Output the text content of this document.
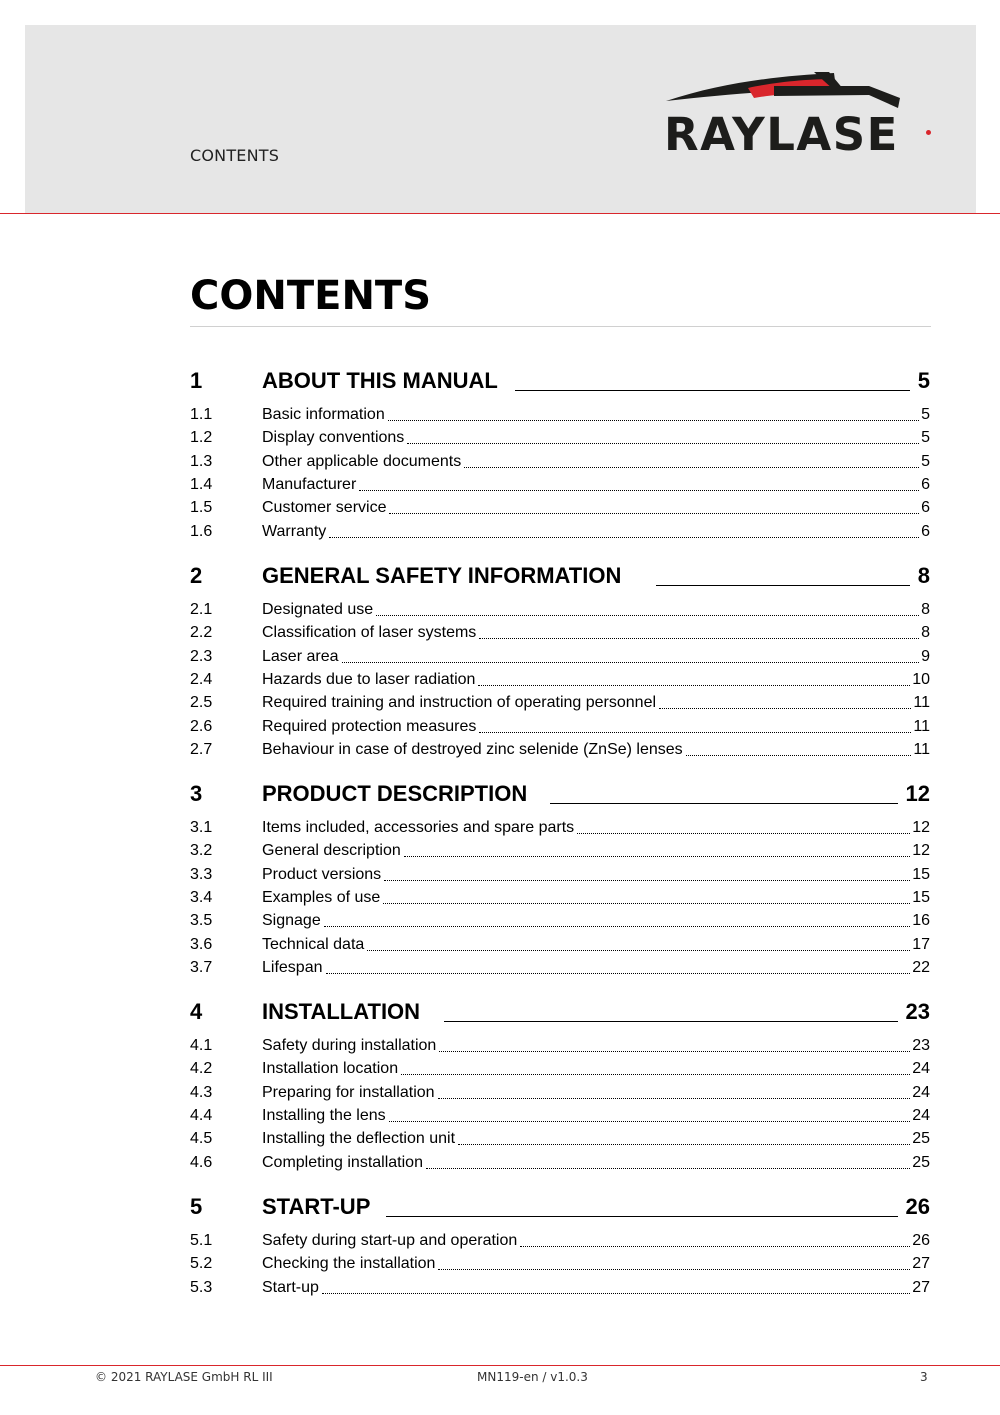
CONTENTS	RAYLASE
CONTENTS
1	ABOUT THIS MANUAL	5
1.1	Basic information	5
1.2	Display conventions	5
1.3	Other applicable documents	5
1.4	Manufacturer	6
1.5	Customer service	6
1.6	Warranty	6
2	GENERAL SAFETY INFORMATION	8
2.1	Designated use	8
2.2	Classification of laser systems	8
2.3	Laser area	9
2.4	Hazards due to laser radiation	10
2.5	Required training and instruction of operating personnel	11
2.6	Required protection measures	11
2.7	Behaviour in case of destroyed zinc selenide (ZnSe) lenses	11
3	PRODUCT DESCRIPTION	12
3.1	Items included, accessories and spare parts	12
3.2	General description	12
3.3	Product versions	15
3.4	Examples of use	15
3.5	Signage	16
3.6	Technical data	17
3.7	Lifespan	22
4	INSTALLATION	23
4.1	Safety during installation	23
4.2	Installation location	24
4.3	Preparing for installation	24
4.4	Installing the lens	24
4.5	Installing the deflection unit	25
4.6	Completing installation	25
5	START-UP	26
5.1	Safety during start-up and operation	26
5.2	Checking the installation	27
5.3	Start-up	27
© 2021 RAYLASE GmbH RL III	MN119-en / v1.0.3	3
